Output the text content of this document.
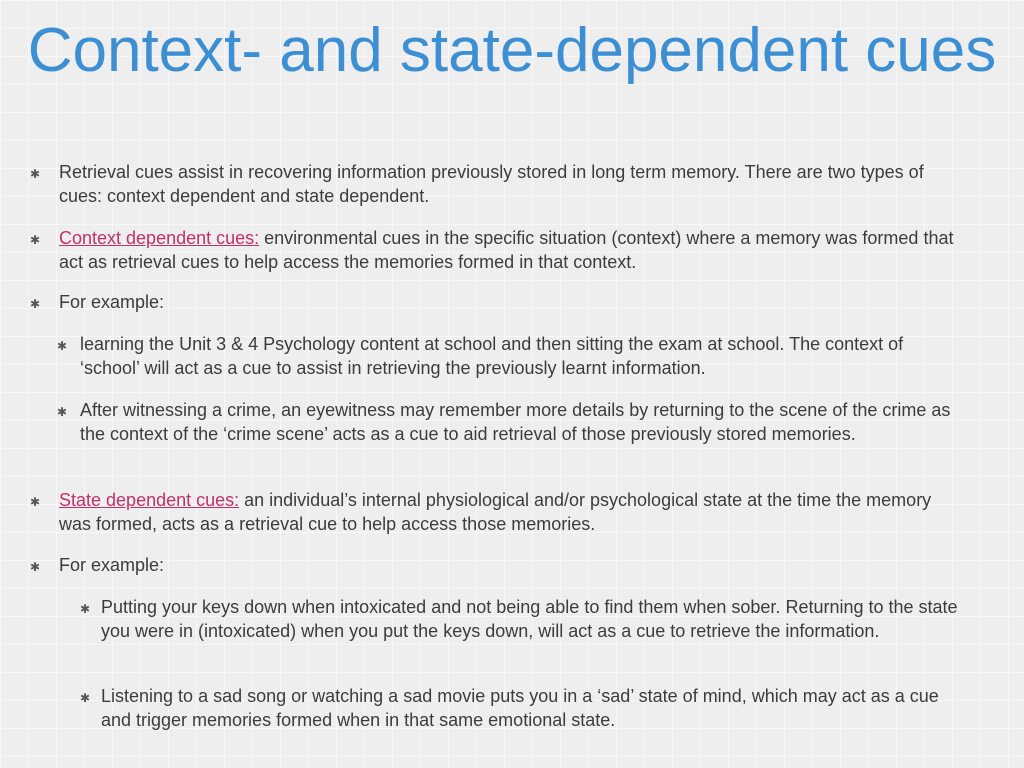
Context- and state-dependent cues
✱ Retrieval cues assist in recovering information previously stored in long term memory. There are two types of cues: context dependent and state dependent.
✱ Context dependent cues: environmental cues in the specific situation (context) where a memory was formed that act as retrieval cues to help access the memories formed in that context.
✱ For example:
✱ learning the Unit 3 & 4 Psychology content at school and then sitting the exam at school. The context of ‘school’ will act as a cue to assist in retrieving the previously learnt information.
✱ After witnessing a crime, an eyewitness may remember more details by returning to the scene of the crime as the context of the ‘crime scene’ acts as a cue to aid retrieval of those previously stored memories.
✱ State dependent cues: an individual’s internal physiological and/or psychological state at the time the memory was formed, acts as a retrieval cue to help access those memories.
✱ For example:
✱ Putting your keys down when intoxicated and not being able to find them when sober. Returning to the state you were in (intoxicated) when you put the keys down, will act as a cue to retrieve the information.
✱ Listening to a sad song or watching a sad movie puts you in a ‘sad’ state of mind, which may act as a cue and trigger memories formed when in that same emotional state.
